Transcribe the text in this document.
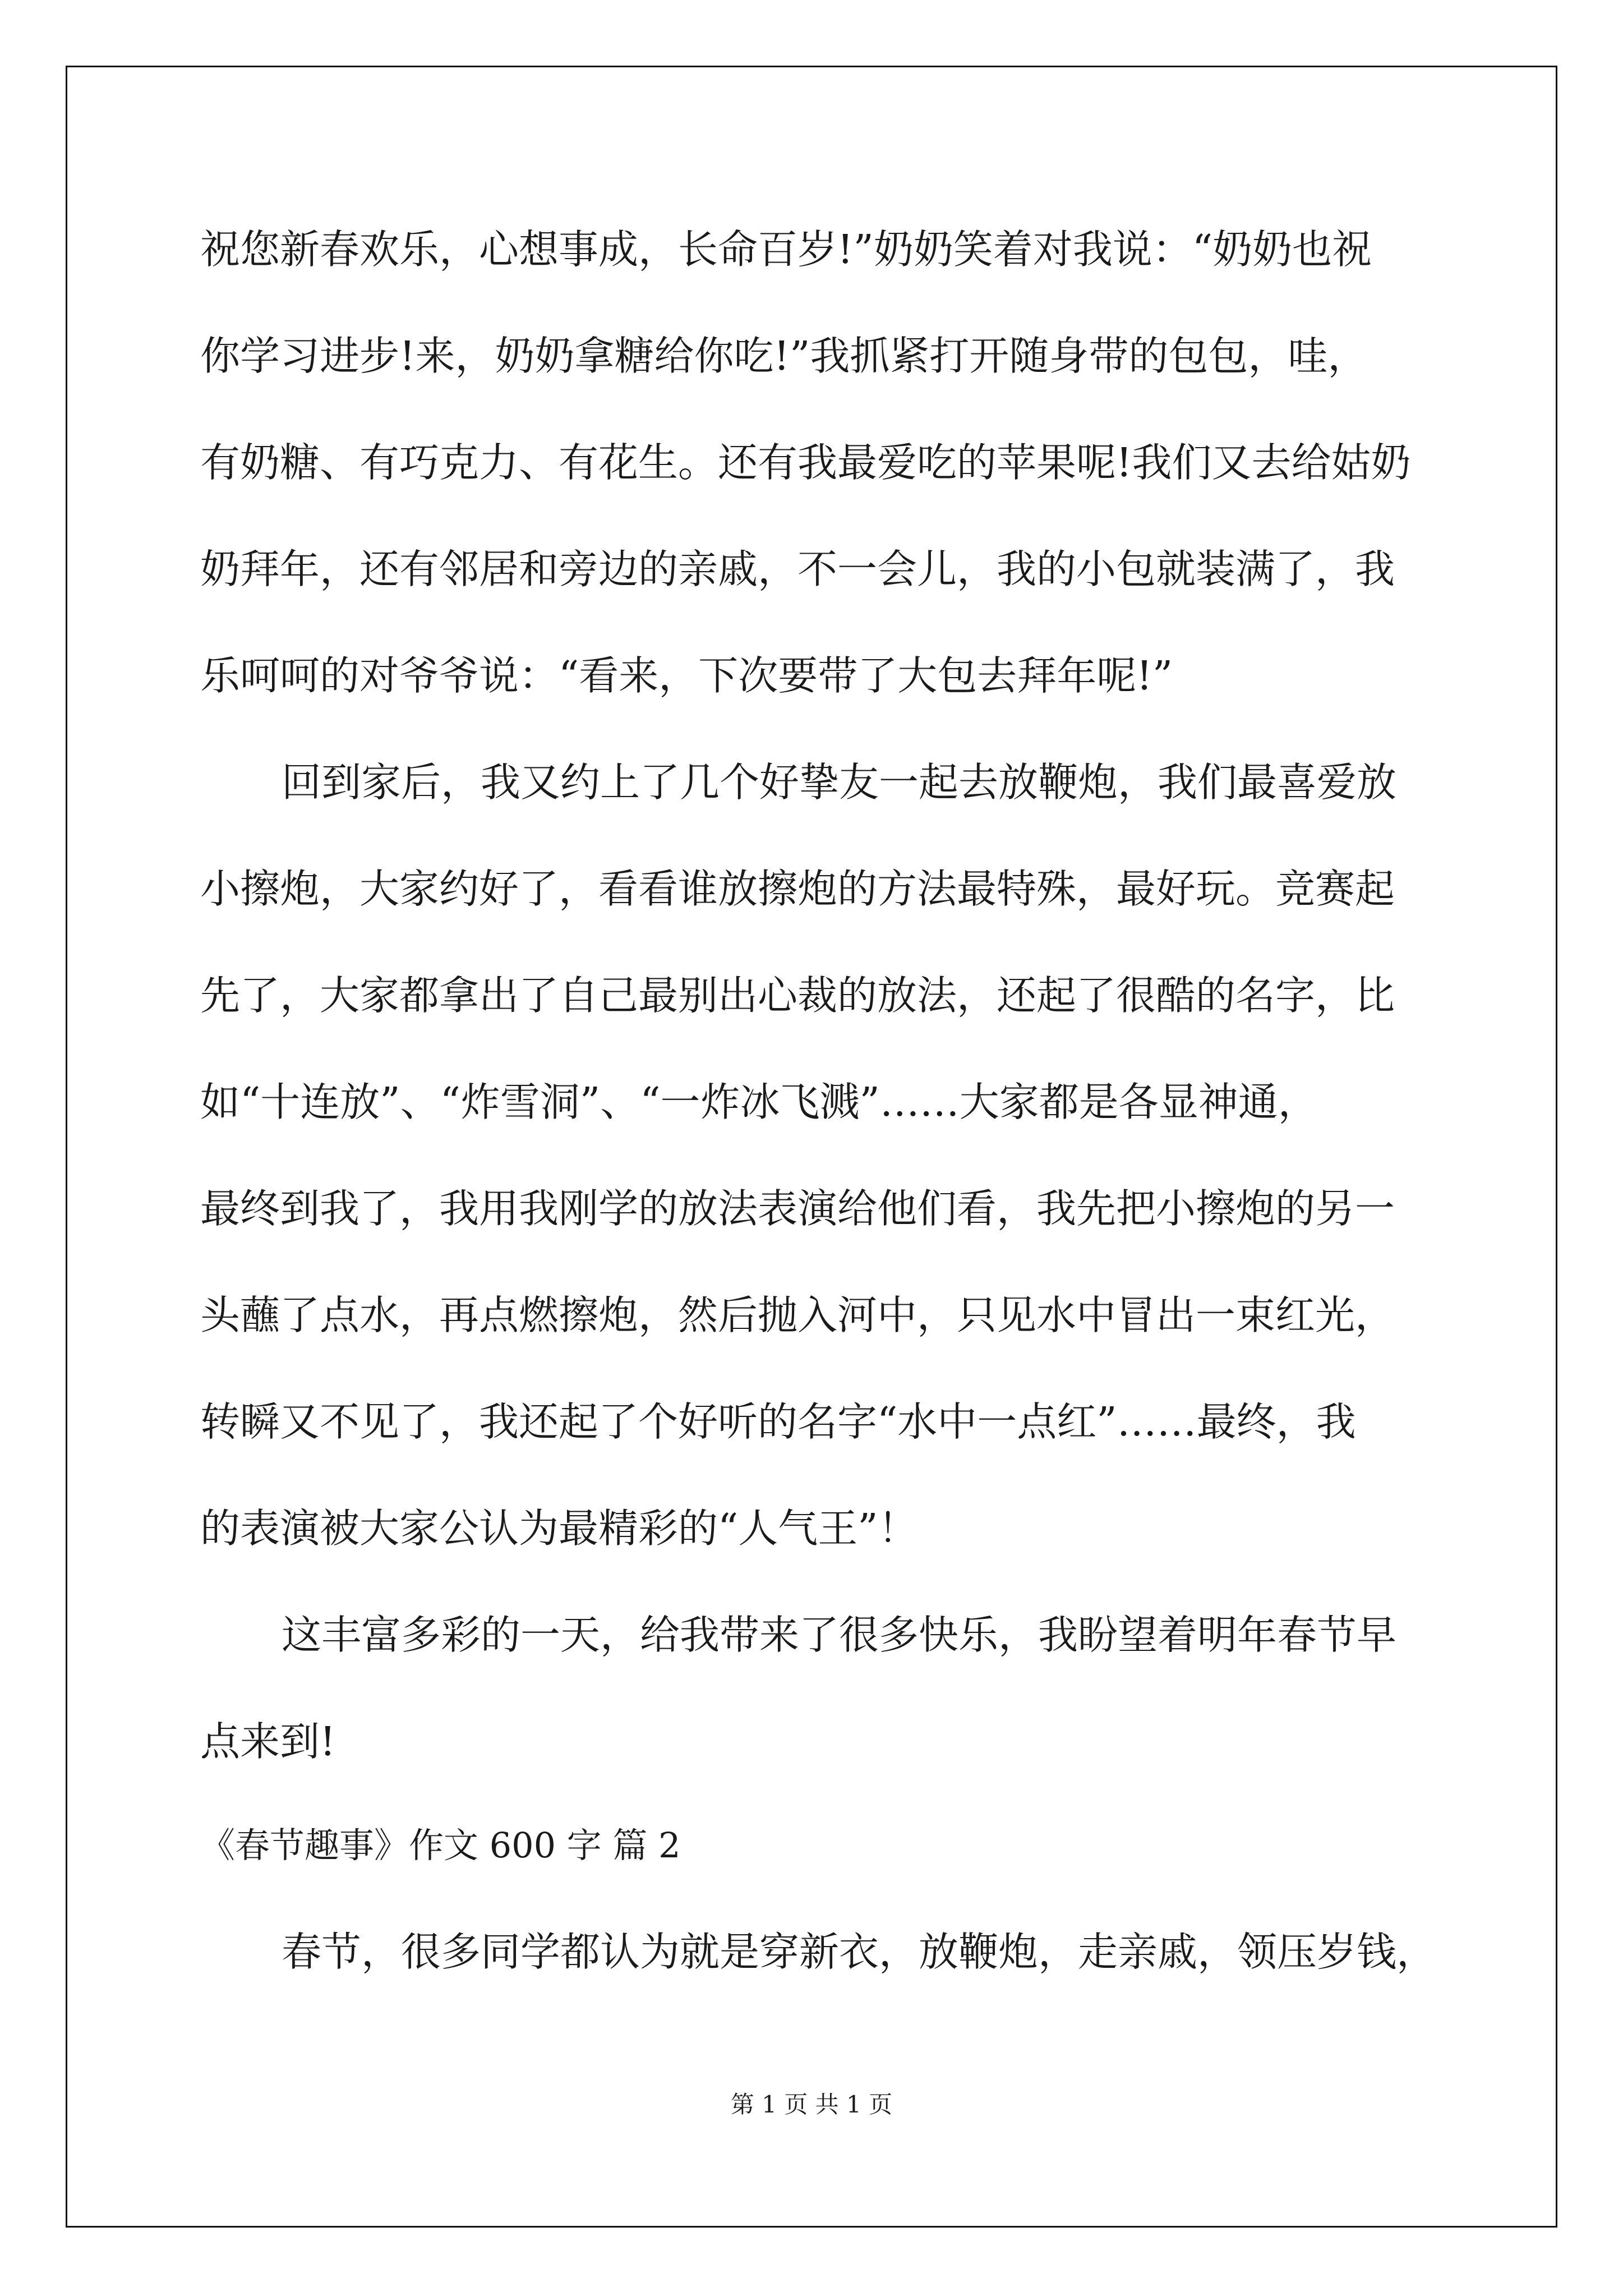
祝您新春欢乐，心想事成，长命百岁!”奶奶笑着对我说：“奶奶也祝
你学习进步!来，奶奶拿糖给你吃!”我抓紧打开随身带的包包，哇，
有奶糖、有巧克力、有花生。还有我最爱吃的苹果呢!我们又去给姑奶
奶拜年，还有邻居和旁边的亲戚，不一会儿，我的小包就装满了，我
乐呵呵的对爷爷说：“看来，下次要带了大包去拜年呢!”
回到家后，我又约上了几个好挚友一起去放鞭炮，我们最喜爱放
小擦炮，大家约好了，看看谁放擦炮的方法最特殊，最好玩。竞赛起
先了，大家都拿出了自己最别出心裁的放法，还起了很酷的名字，比
如“十连放”、“炸雪洞”、“一炸冰飞溅”……大家都是各显神通，
最终到我了，我用我刚学的放法表演给他们看，我先把小擦炮的另一
头蘸了点水，再点燃擦炮，然后抛入河中，只见水中冒出一束红光，
转瞬又不见了，我还起了个好听的名字“水中一点红”……最终，我
的表演被大家公认为最精彩的“人气王”！
这丰富多彩的一天，给我带来了很多快乐，我盼望着明年春节早
点来到!
《春节趣事》作文 600 字 篇 2
春节，很多同学都认为就是穿新衣，放鞭炮，走亲戚，领压岁钱，
第 1 页 共 1 页
